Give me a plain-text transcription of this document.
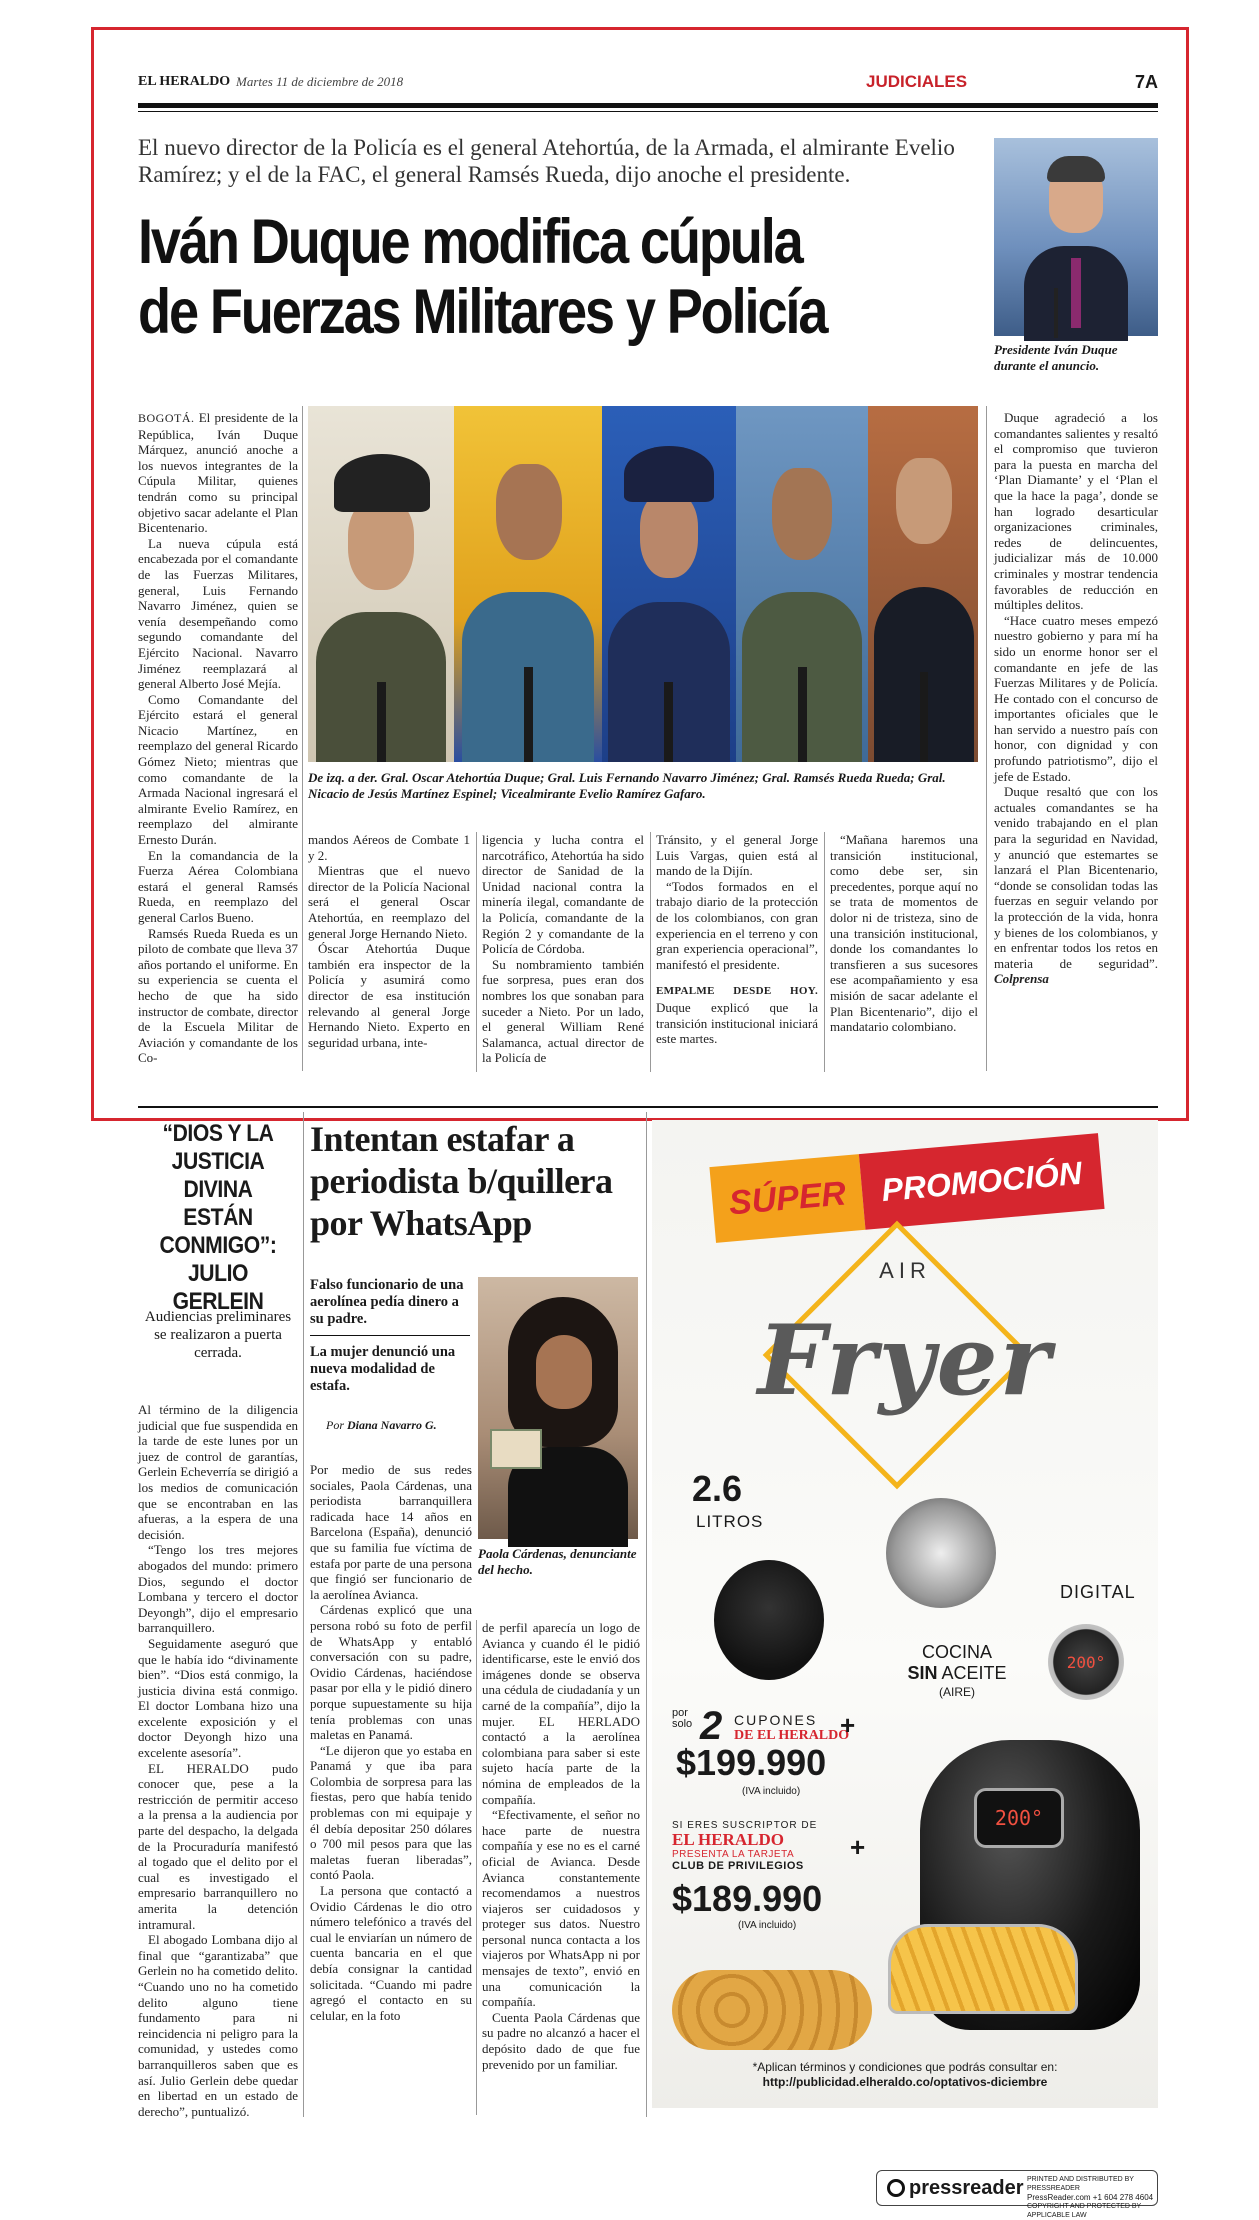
EL HERALDO Martes 11 de diciembre de 2018	JUDICIALES	7A
El nuevo director de la Policía es el general Atehortúa, de la Armada, el almirante Evelio Ramírez; y el de la FAC, el general Ramsés Rueda, dijo anoche el presidente.
Iván Duque modifica cúpula
de Fuerzas Militares y Policía
Presidente Iván Duque durante el anuncio.

BOGOTÁ. El presidente de la República, Iván Duque Márquez, anunció anoche a los nuevos integrantes de la Cúpula Militar, quienes tendrán como su principal objetivo sacar adelante el Plan Bicentenario.

La nueva cúpula está encabezada por el comandante de las Fuerzas Militares, general, Luis Fernando Navarro Jiménez, quien se venía desempeñando como segundo comandante del Ejército Nacional. Navarro Jiménez reemplazará al general Alberto José Mejía.

Como Comandante del Ejército estará el general Nicacio Martínez, en reemplazo del general Ricardo Gómez Nieto; mientras que como comandante de la Armada Nacional ingresará el almirante Evelio Ramírez, en reemplazo del almirante Ernesto Durán.

En la comandancia de la Fuerza Aérea Colombiana estará el general Ramsés Rueda, en reemplazo del general Carlos Bueno.

Ramsés Rueda Rueda es un piloto de combate que lleva 37 años portando el uniforme. En su experiencia se cuenta el hecho de que ha sido instructor de combate, director de la Escuela Militar de Aviación y comandante de los Co-

De izq. a der. Gral. Oscar Atehortúa Duque; Gral. Luis Fernando Navarro Jiménez; Gral. Ramsés Rueda Rueda; Gral. Nicacio de Jesús Martínez Espinel; Vicealmirante Evelio Ramírez Gafaro.

mandos Aéreos de Combate 1 y 2.

Mientras que el nuevo director de la Policía Nacional será el general Oscar Atehortúa, en reemplazo del general Jorge Hernando Nieto.

Óscar Atehortúa Duque también era inspector de la Policía y asumirá como director de esa institución relevando al general Jorge Hernando Nieto. Experto en seguridad urbana, inte-

ligencia y lucha contra el narcotráfico, Atehortúa ha sido director de Sanidad de la Unidad nacional contra la minería ilegal, comandante de la Policía, comandante de la Región 2 y comandante de la Policía de Córdoba.

Su nombramiento también fue sorpresa, pues eran dos nombres los que sonaban para suceder a Nieto. Por un lado, el general William René Salamanca, actual director de la Policía de

Tránsito, y el general Jorge Luis Vargas, quien está al mando de la Dijín.

“Todos formados en el trabajo diario de la protección de los colombianos, con gran experiencia en el terreno y con gran experiencia operacional”, manifestó el presidente.

EMPALME DESDE HOY. Duque explicó que la transición institucional iniciará este martes.

“Mañana haremos una transición institucional, como debe ser, sin precedentes, porque aquí no se trata de momentos de dolor ni de tristeza, sino de una transición institucional, donde los comandantes lo transfieren a sus sucesores ese acompañamiento y esa misión de sacar adelante el Plan Bicentenario”, dijo el mandatario colombiano.

Duque agradeció a los comandantes salientes y resaltó el compromiso que tuvieron para la puesta en marcha del ‘Plan Diamante’ y el ‘Plan el que la hace la paga’, donde se han logrado desarticular organizaciones criminales, redes de delincuentes, judicializar más de 10.000 criminales y mostrar tendencia favorables de reducción en múltiples delitos.

“Hace cuatro meses empezó nuestro gobierno y para mí ha sido un enorme honor ser el comandante en jefe de las Fuerzas Militares y de Policía. He contado con el concurso de importantes oficiales que le han servido a nuestro país con honor, con dignidad y con profundo patriotismo”, dijo el jefe de Estado.

Duque resaltó que con los actuales comandantes se ha venido trabajando en el plan para la seguridad en Navidad, y anunció que estemartes se lanzará el Plan Bicentenario, “donde se consolidan todas las fuerzas en seguir velando por la protección de la vida, honra y bienes de los colombianos, y en enfrentar todos los retos en materia de seguridad”. Colprensa

“DIOS Y LA JUSTICIA DIVINA ESTÁN CONMIGO”: JULIO GERLEIN
Audiencias preliminares se realizaron a puerta cerrada.

Al término de la diligencia judicial que fue suspendida en la tarde de este lunes por un juez de control de garantías, Gerlein Echeverría se dirigió a los medios de comunicación que se encontraban en las afueras, a la espera de una decisión.

“Tengo los tres mejores abogados del mundo: primero Dios, segundo el doctor Lombana y tercero el doctor Deyongh”, dijo el empresario barranquillero.

Seguidamente aseguró que que le había ido “divinamente bien”. “Dios está conmigo, la justicia divina está conmigo. El doctor Lombana hizo una excelente exposición y el doctor Deyongh hizo una excelente asesoría”.

EL HERALDO pudo conocer que, pese a la restricción de permitir acceso a la prensa a la audiencia por parte del despacho, la delgada de la Procuraduría manifestó al togado que el delito por el cual es investigado el empresario barranquillero no amerita la detención intramural.

El abogado Lombana dijo al final que “garantizaba” que Gerlein no ha cometido delito. “Cuando uno no ha cometido delito alguno tiene fundamento para ni reincidencia ni peligro para la comunidad, y ustedes como barranquilleros saben que es así. Julio Gerlein debe quedar en libertad en un estado de derecho”, puntualizó.

Intentan estafar a periodista b/quillera por WhatsApp
Falso funcionario de una aerolínea pedía dinero a su padre.
La mujer denunció una nueva modalidad de estafa.
Por Diana Navarro G.
Paola Cárdenas, denunciante del hecho.

Por medio de sus redes sociales, Paola Cárdenas, una periodista barranquillera radicada hace 14 años en Barcelona (España), denunció que su familia fue víctima de estafa por parte de una persona que fingió ser funcionario de la aerolínea Avianca.

Cárdenas explicó que una persona robó su foto de perfil de WhatsApp y entabló conversación con su padre, Ovidio Cárdenas, haciéndose pasar por ella y le pidió dinero porque supuestamente su hija tenía problemas con unas maletas en Panamá.

“Le dijeron que yo estaba en Panamá y que iba para Colombia de sorpresa para las fiestas, pero que había tenido problemas con mi equipaje y él debía depositar 250 dólares o 700 mil pesos para que las maletas fueran liberadas”, contó Paola.

La persona que contactó a Ovidio Cárdenas le dio otro número telefónico a través del cual le enviarían un número de cuenta bancaria en el que debía consignar la cantidad solicitada. “Cuando mi padre agregó el contacto en su celular, en la foto

de perfil aparecía un logo de Avianca y cuando él le pidió identificarse, este le envió dos imágenes donde se observa una cédula de ciudadanía y un carné de la compañía”, dijo la mujer. EL HERLADO contactó a la aerolínea colombiana para saber si este sujeto hacía parte de la nómina de empleados de la compañía.

“Efectivamente, el señor no hace parte de nuestra compañía y ese no es el carné oficial de Avianca. Desde Avianca constantemente recomendamos a nuestros viajeros ser cuidadosos y proteger sus datos. Nuestro personal nunca contacta a los viajeros por WhatsApp ni por mensajes de texto”, envió en una comunicación la compañía.

Cuenta Paola Cárdenas que su padre no alcanzó a hacer el depósito dado de que fue prevenido por un familiar.

SÚPER	PROMOCIÓN
AIR
Fryer
2.6
LITROS
DIGITAL
200°
COCINA
SIN ACEITE
(AIRE)
por
solo 2 CUPONES
DE EL HERALDO
+
$199.990
(IVA incluido)
SI ERES SUSCRIPTOR DE
EL HERALDO
PRESENTA LA TARJETA
CLUB DE PRIVILEGIOS
+
$189.990
(IVA incluido)
200°
*Aplican términos y condiciones que podrás consultar en:
http://publicidad.elheraldo.co/optativos-diciembre
pressreader PRINTED AND DISTRIBUTED BY PRESSREADER
PressReader.com +1 604 278 4604
COPYRIGHT AND PROTECTED BY APPLICABLE LAW
